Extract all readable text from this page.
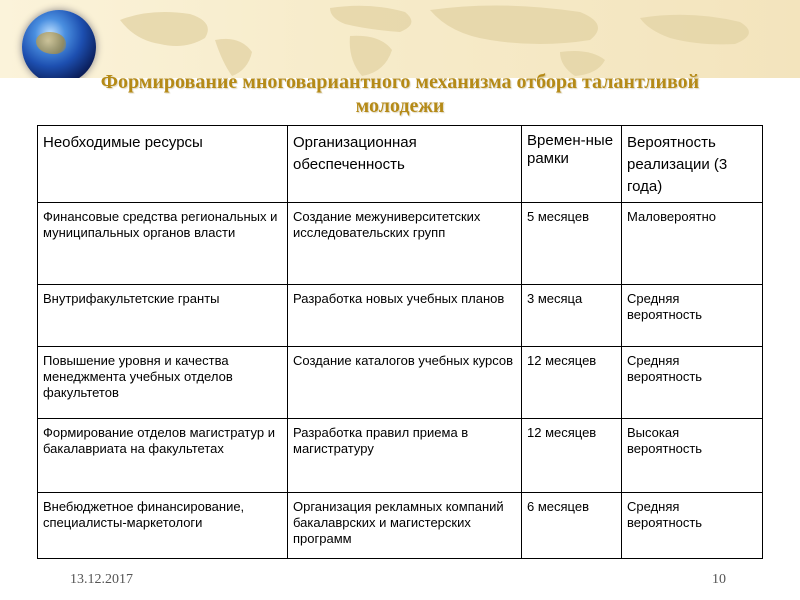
Формирование многовариантного механизма отбора талантливой молодежи
Необходимые ресурсы	Организационная обеспеченность	Времен-ные рамки	Вероятность реализации (3 года)
Финансовые средства региональных и муниципальных органов власти	Создание межуниверситетских исследовательских групп	5 месяцев	Маловероятно
Внутрифакультетские гранты	Разработка новых учебных планов	3 месяца	Средняя вероятность
Повышение уровня и качества менеджмента учебных отделов факультетов	Создание каталогов учебных курсов	12 месяцев	Средняя вероятность
Формирование отделов магистратур и бакалавриата на факультетах	Разработка правил приема в магистратуру	12 месяцев	Высокая вероятность
Внебюджетное финансирование, специалисты-маркетологи	Организация рекламных компаний бакалаврских и магистерских программ	6 месяцев	Средняя вероятность
13.12.2017	10
